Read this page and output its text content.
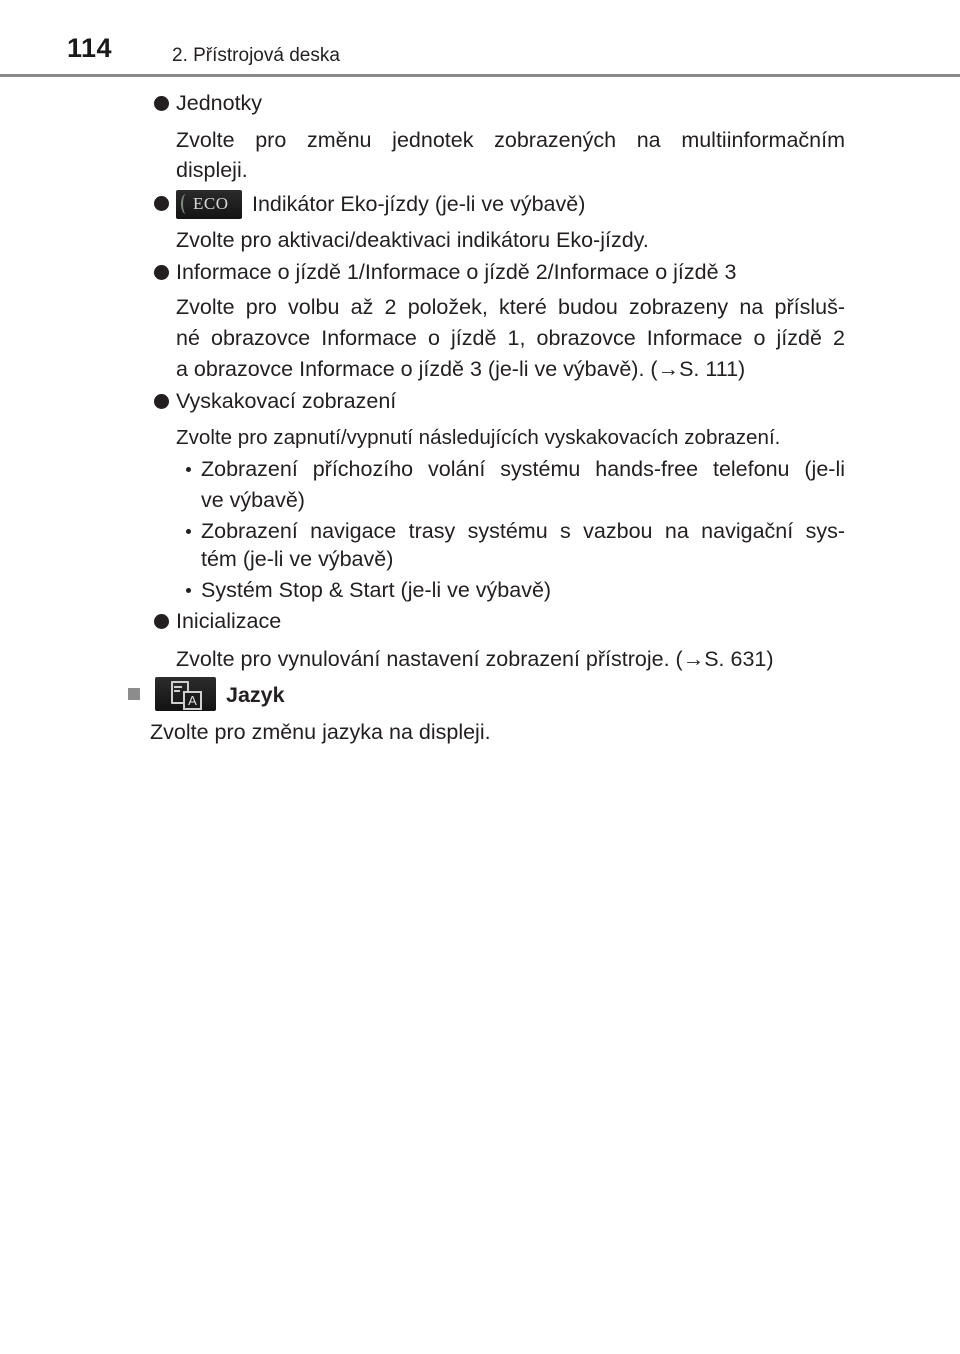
114	2. Přístrojová deska
Jednotky
Zvolte pro změnu jednotek zobrazených na multiinformačním
displeji.
ECO Indikátor Eko-jízdy (je-li ve výbavě)
Zvolte pro aktivaci/deaktivaci indikátoru Eko-jízdy.
Informace o jízdě 1/Informace o jízdě 2/Informace o jízdě 3
Zvolte pro volbu až 2 položek, které budou zobrazeny na přísluš-
né obrazovce Informace o jízdě 1, obrazovce Informace o jízdě 2
a obrazovce Informace o jízdě 3 (je-li ve výbavě). (→S. 111)
Vyskakovací zobrazení
Zvolte pro zapnutí/vypnutí následujících vyskakovacích zobrazení.
Zobrazení příchozího volání systému hands-free telefonu (je-li
ve výbavě)
Zobrazení navigace trasy systému s vazbou na navigační sys-
tém (je-li ve výbavě)
Systém Stop & Start (je-li ve výbavě)
Inicializace
Zvolte pro vynulování nastavení zobrazení přístroje. (→S. 631)
A Jazyk
Zvolte pro změnu jazyka na displeji.
